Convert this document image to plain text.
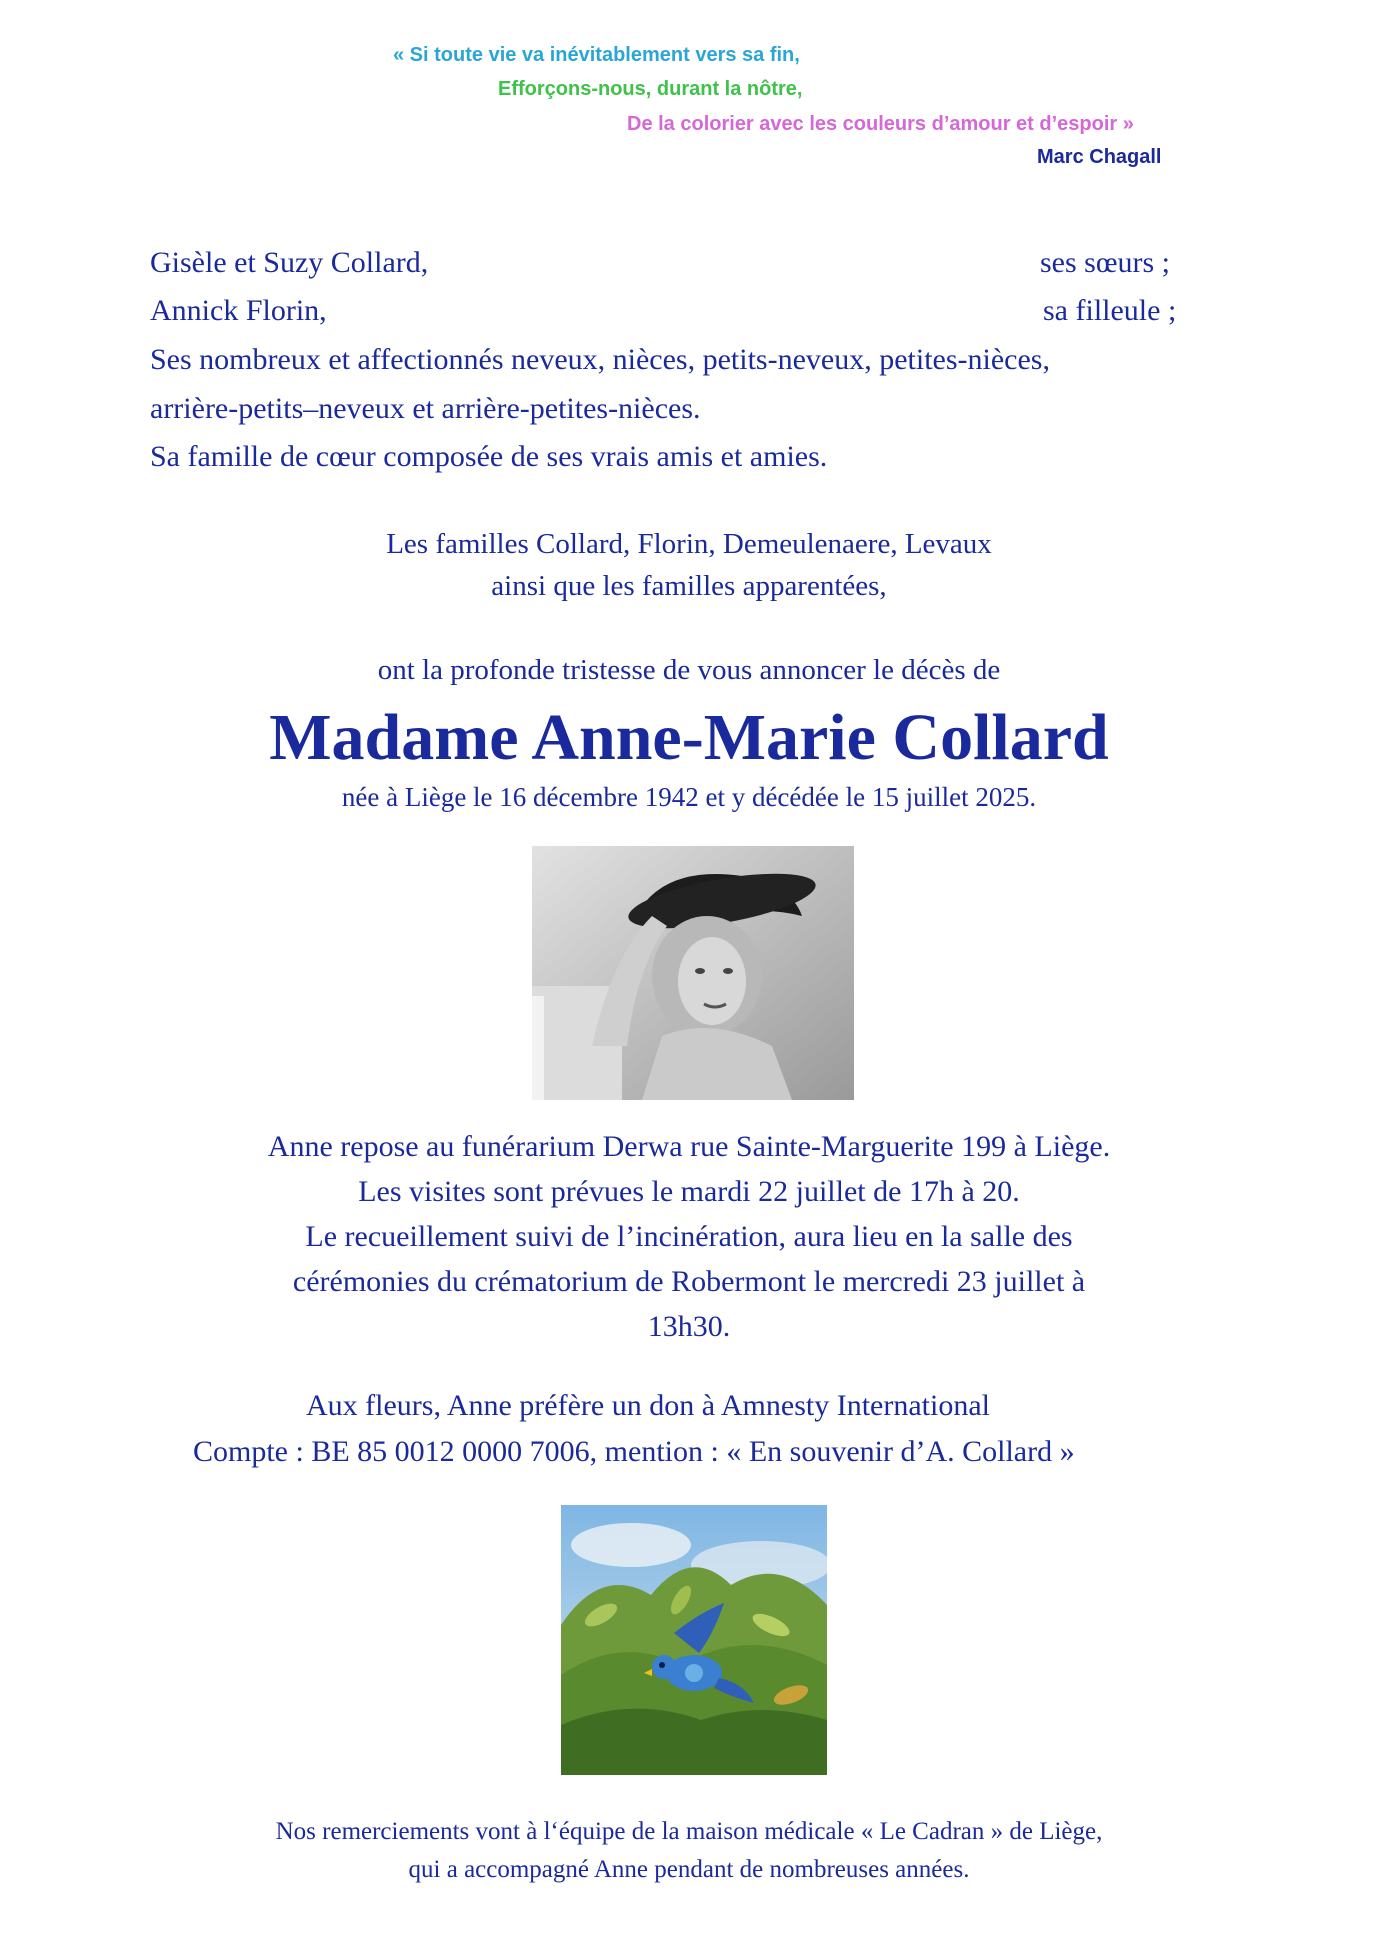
« Si toute vie va inévitablement vers sa fin,
Efforçons-nous, durant la nôtre,
De la colorier avec les couleurs d’amour et d’espoir »
Marc Chagall
Gisèle et Suzy Collard,	ses sœurs ;
Annick Florin,	sa filleule ;
Ses nombreux et affectionnés neveux, nièces, petits-neveux, petites-nièces,
arrière-petits–neveux et arrière-petites-nièces.
Sa famille de cœur composée de ses vrais amis et amies.
Les familles Collard, Florin, Demeulenaere, Levaux
ainsi que les familles apparentées,
ont la profonde tristesse de vous annoncer le décès de
Madame Anne-Marie Collard
née à Liège le 16 décembre 1942 et y décédée le 15 juillet 2025.
Anne repose au funérarium Derwa rue Sainte-Marguerite 199 à Liège.
Les visites sont prévues le mardi 22 juillet de 17h à 20.
Le recueillement suivi de l’incinération, aura lieu en la salle des
cérémonies du crématorium de Robermont le mercredi 23 juillet à
13h30.
Aux fleurs, Anne préfère un don à Amnesty International
Compte : BE 85 0012 0000 7006, mention : « En souvenir d’A. Collard »
Nos remerciements vont à l‘équipe de la maison médicale « Le Cadran » de Liège,
qui a accompagné Anne pendant de nombreuses années.
